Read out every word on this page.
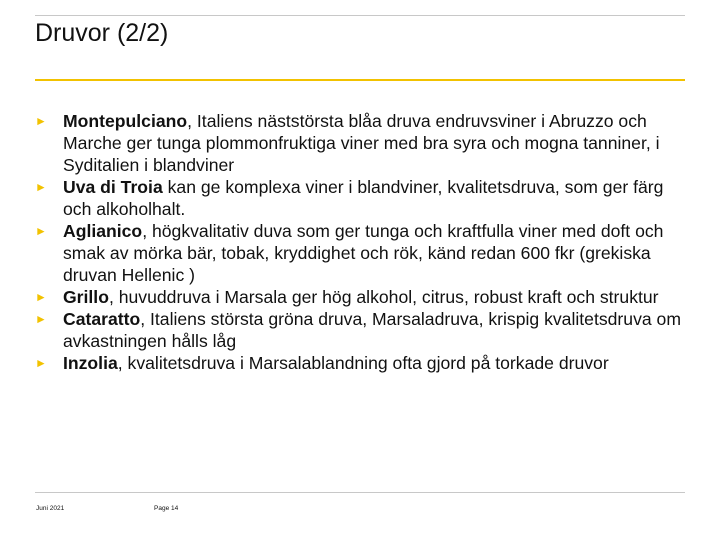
Druvor (2/2)
► Montepulciano, Italiens näststörsta blåa druva endruvsviner i Abruzzo och Marche ger tunga plommonfruktiga viner med bra syra och mogna tanniner, i Syditalien i blandviner
► Uva di Troia kan ge komplexa viner i blandviner, kvalitetsdruva, som ger färg och alkoholhalt.
► Aglianico, högkvalitativ duva som ger tunga och kraftfulla viner med doft och smak av mörka bär, tobak, kryddighet och rök, känd redan 600 fkr (grekiska druvan Hellenic )
► Grillo, huvuddruva i Marsala ger hög alkohol, citrus, robust kraft och struktur
► Cataratto, Italiens största gröna druva, Marsaladruva, krispig kvalitetsdruva om avkastningen hålls låg
► Inzolia, kvalitetsdruva i Marsalablandning ofta gjord på torkade druvor
Juni 2021	Page 14
